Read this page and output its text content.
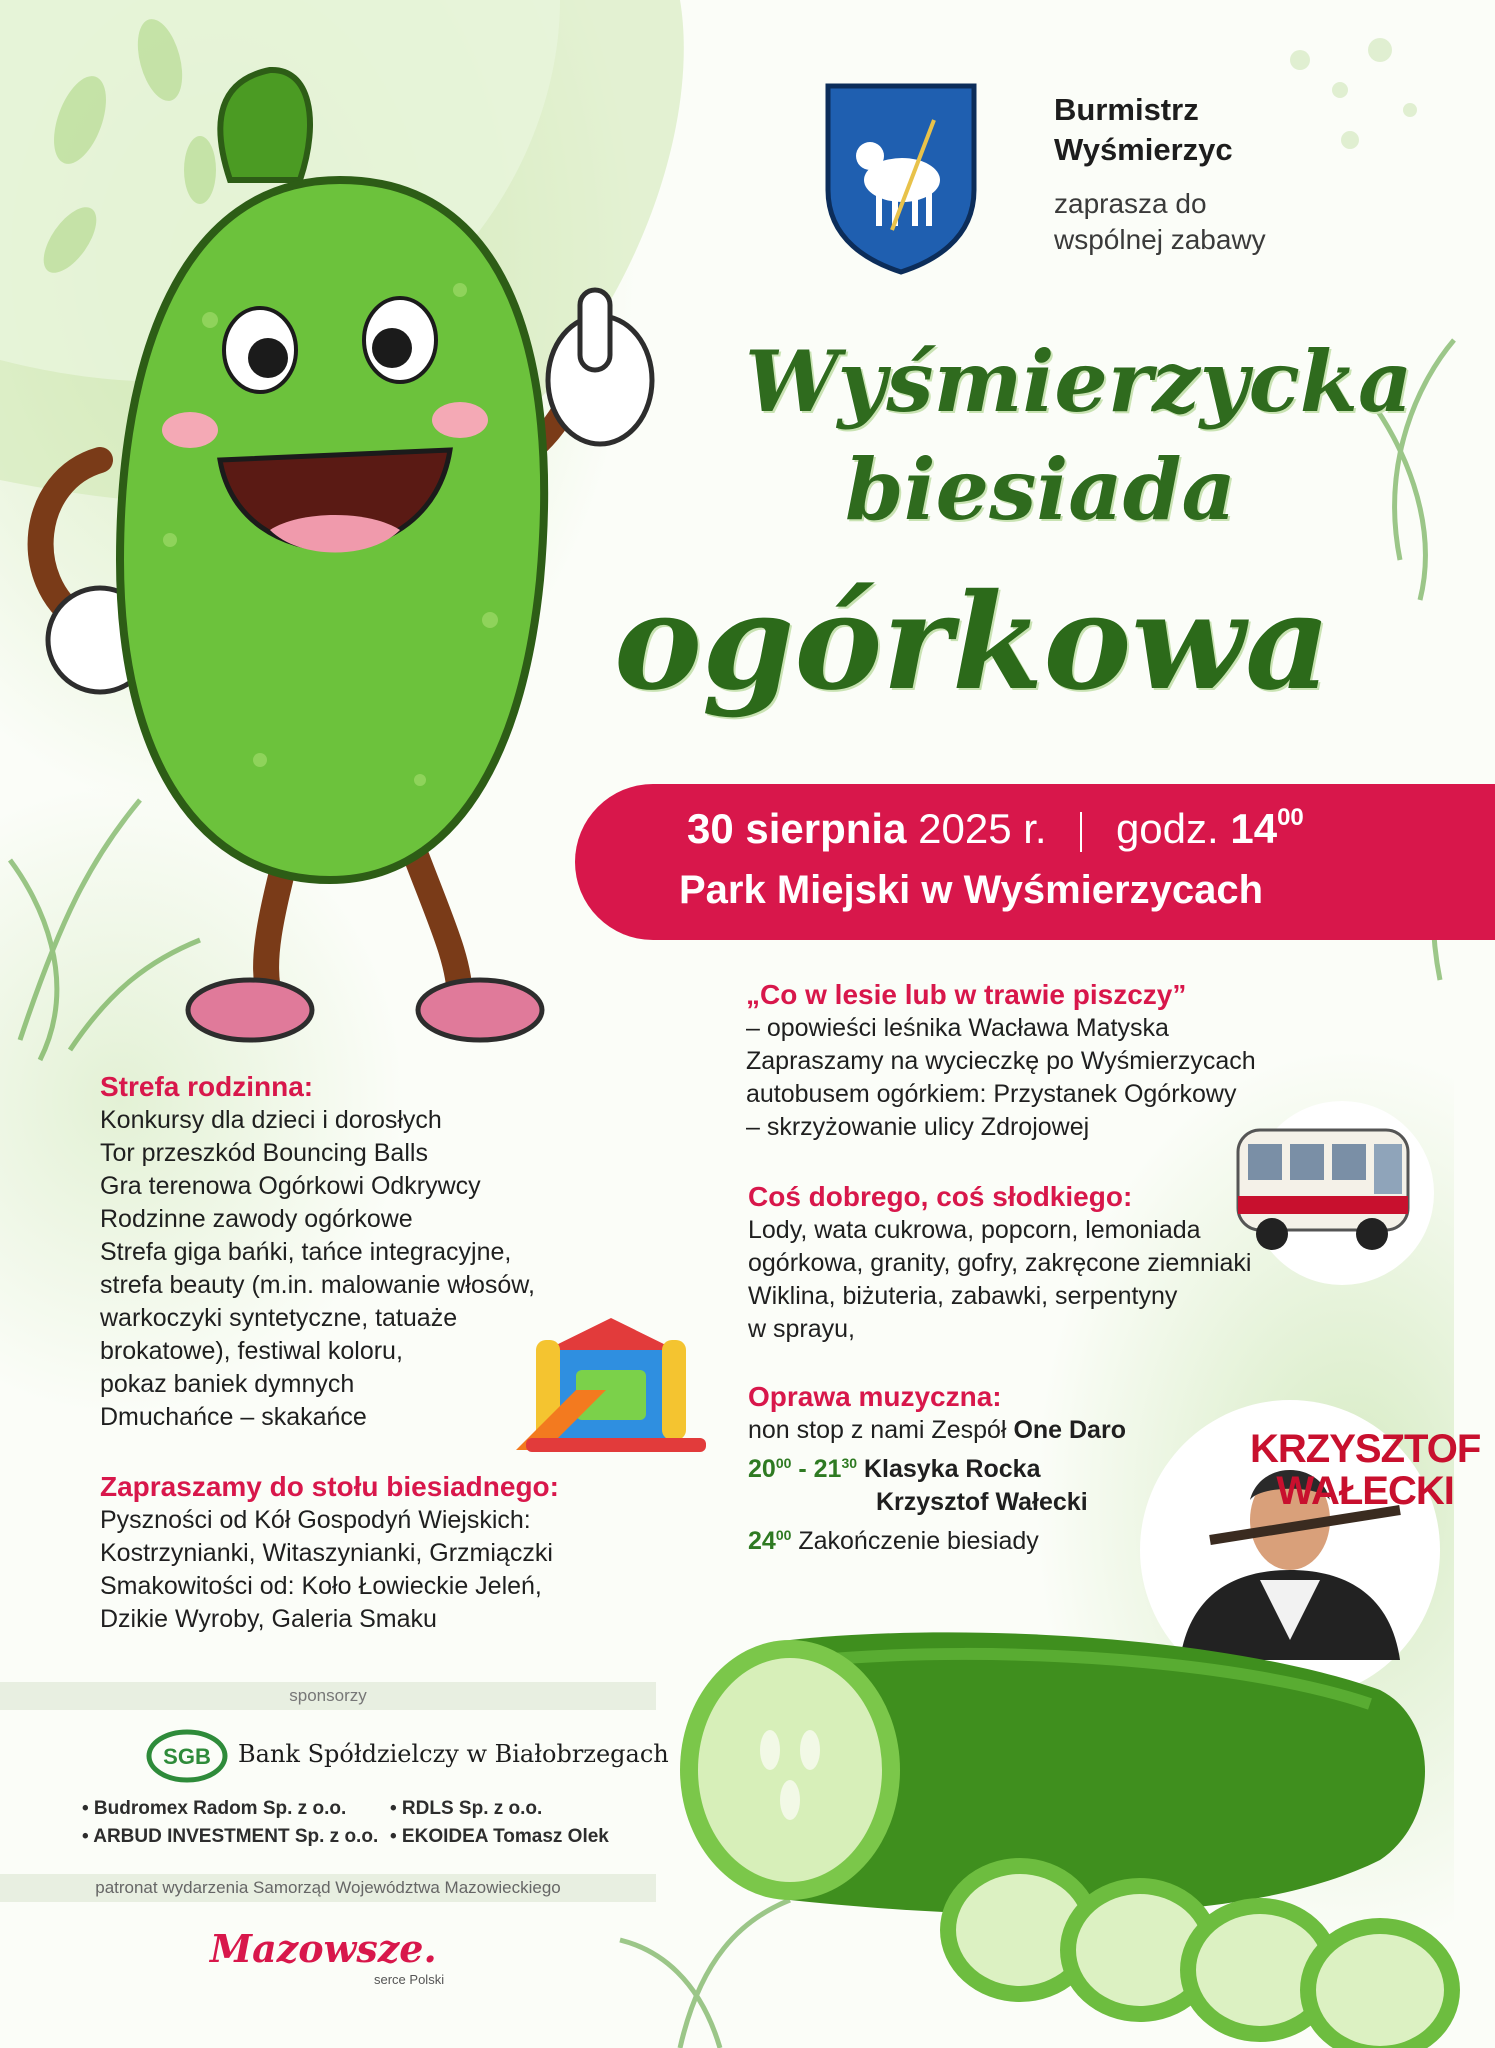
Burmistrz
Wyśmierzyc
zaprasza do
wspólnej zabawy
Wyśmierzycka
biesiada
ogórkowa
30 sierpnia 2025 r. godz. $14^{00}$
Park Miejski w Wyśmierzycach
Strefa rodzinna:
Konkursy dla dzieci i dorosłych
Tor przeszkód Bouncing Balls
Gra terenowa Ogórkowi Odkrywcy
Rodzinne zawody ogórkowe
Strefa giga bańki, tańce integracyjne,
strefa beauty (m.in. malowanie włosów,
warkoczyki syntetyczne, tatuaże
brokatowe), festiwal koloru,
pokaz baniek dymnych
Dmuchańce – skakańce
Zapraszamy do stołu biesiadnego:
Pyszności od Kół Gospodyń Wiejskich:
Kostrzynianki, Witaszynianki, Grzmiączki
Smakowitości od: Koło Łowieckie Jeleń,
Dzikie Wyroby, Galeria Smaku
„Co w lesie lub w trawie piszczy”
– opowieści leśnika Wacława Matyska
Zapraszamy na wycieczkę po Wyśmierzycach
autobusem ogórkiem: Przystanek Ogórkowy
– skrzyżowanie ulicy Zdrojowej
Coś dobrego, coś słodkiego:
Lody, wata cukrowa, popcorn, lemoniada
ogórkowa, granity, gofry, zakręcone ziemniaki
Wiklina, biżuteria, zabawki, serpentyny
w sprayu,
Oprawa muzyczna:
non stop z nami Zespół One Daro
$20^{00} - 21^{30}$ Klasyka Rocka
Krzysztof Wałecki
$24^{00}$ Zakończenie biesiady
KRZYSZTOF
WAŁECKI
sponsorzy
SGB Bank Spółdzielczy w Białobrzegach
• Budromex Radom Sp. z o.o.
• ARBUD INVESTMENT Sp. z o.o.
• RDLS Sp. z o.o.
• EKOIDEA Tomasz Olek
patronat wydarzenia Samorząd Województwa Mazowieckiego
Mazowsze.
serce Polski
